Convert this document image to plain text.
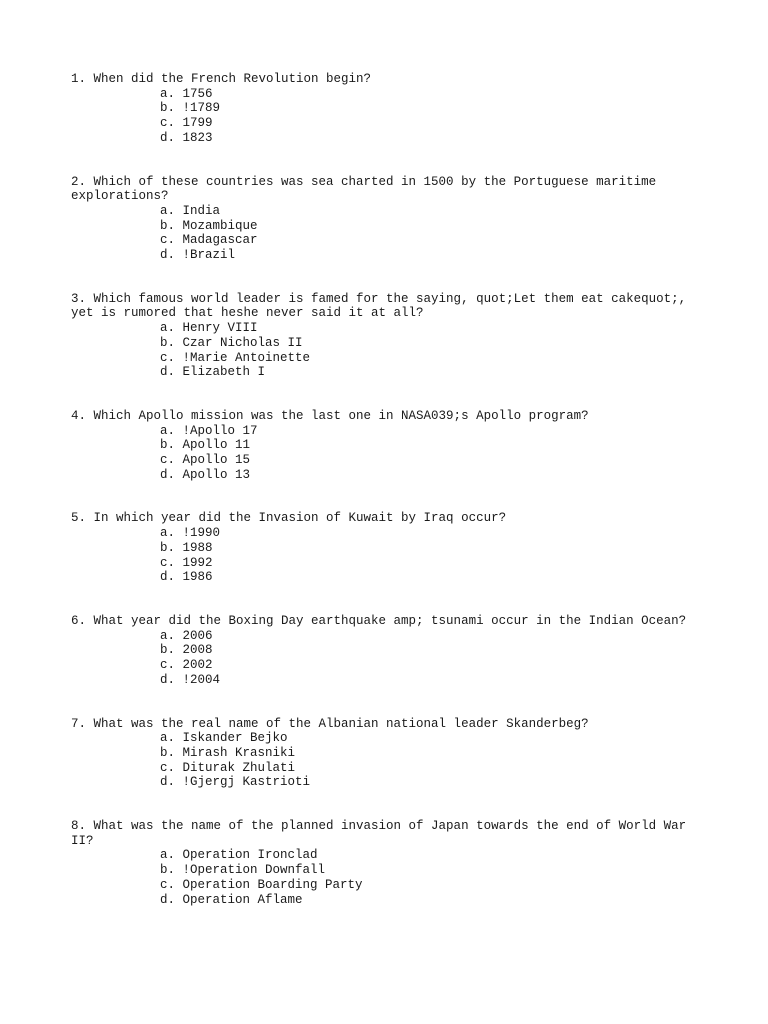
1. When did the French Revolution begin?
a. 1756
b. !1789
c. 1799
d. 1823
2. Which of these countries was sea charted in 1500 by the Portuguese maritime explorations?
a. India
b. Mozambique
c. Madagascar
d. !Brazil
3. Which famous world leader is famed for the saying, quot;Let them eat cakequot;, yet is rumored that heshe never said it at all?
a. Henry VIII
b. Czar Nicholas II
c. !Marie Antoinette
d. Elizabeth I
4. Which Apollo mission was the last one in NASA039;s Apollo program?
a. !Apollo 17
b. Apollo 11
c. Apollo 15
d. Apollo 13
5. In which year did the Invasion of Kuwait by Iraq occur?
a. !1990
b. 1988
c. 1992
d. 1986
6. What year did the Boxing Day earthquake amp; tsunami occur in the Indian Ocean?
a. 2006
b. 2008
c. 2002
d. !2004
7. What was the real name of the Albanian national leader Skanderbeg?
a. Iskander Bejko
b. Mirash Krasniki
c. Diturak Zhulati
d. !Gjergj Kastrioti
8. What was the name of the planned invasion of Japan towards the end of World War II?
a. Operation Ironclad
b. !Operation Downfall
c. Operation Boarding Party
d. Operation Aflame
